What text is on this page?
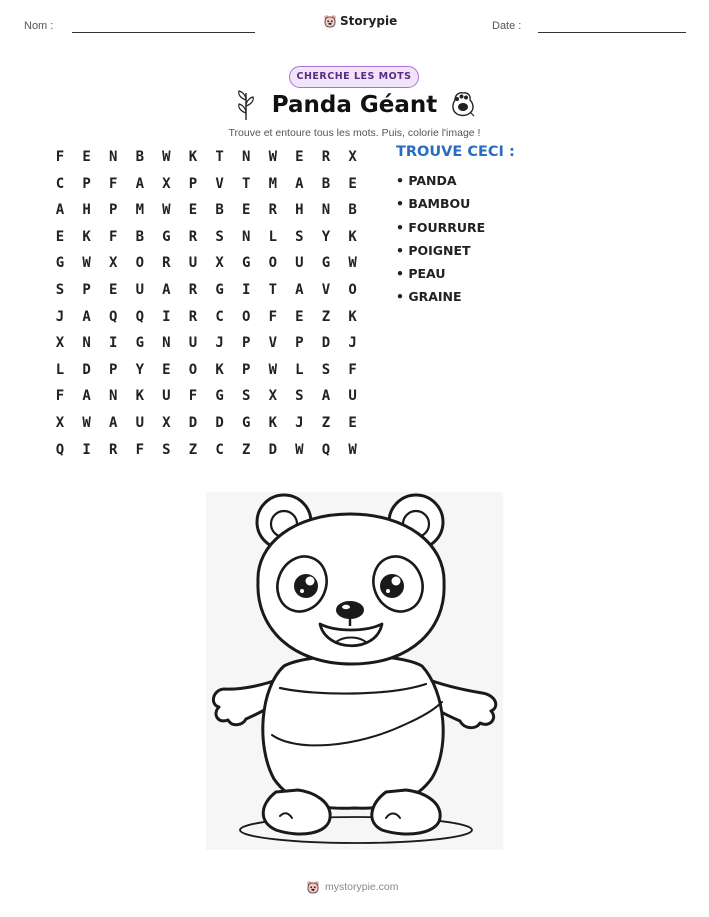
Nom :	Storypie	Date :
CHERCHE LES MOTS
Panda Géant
Trouve et entoure tous les mots. Puis, colorie l'image !
F	E	N	B	W	K	T	N	W	E	R	X
C	P	F	A	X	P	V	T	M	A	B	E
A	H	P	M	W	E	B	E	R	H	N	B
E	K	F	B	G	R	S	N	L	S	Y	K
G	W	X	O	R	U	X	G	O	U	G	W
S	P	E	U	A	R	G	I	T	A	V	O
J	A	Q	Q	I	R	C	O	F	E	Z	K
X	N	I	G	N	U	J	P	V	P	D	J
L	D	P	Y	E	O	K	P	W	L	S	F
F	A	N	K	U	F	G	S	X	S	A	U
X	W	A	U	X	D	D	G	K	J	Z	E
Q	I	R	F	S	Z	C	Z	D	W	Q	W
TROUVE CECI :
• PANDA
• BAMBOU
• FOURRURE
• POIGNET
• PEAU
• GRAINE
mystorypie.com
